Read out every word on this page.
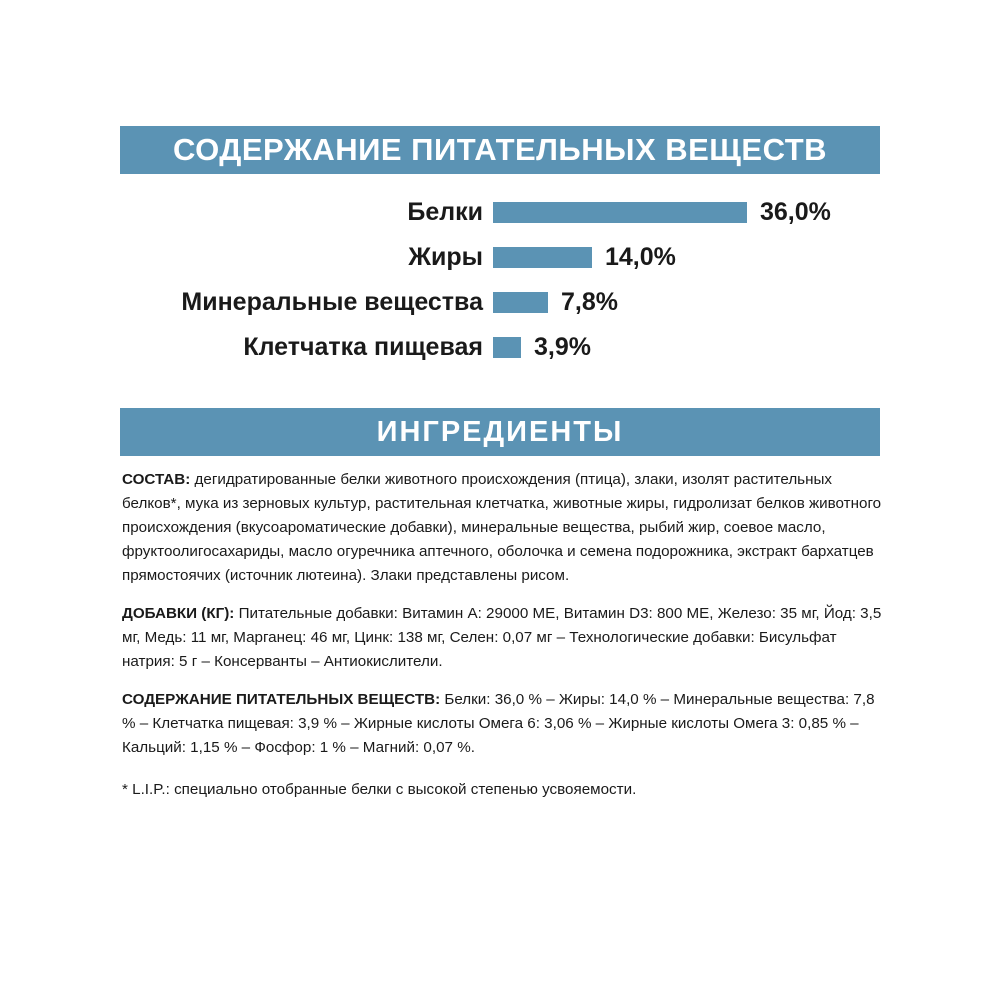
СОДЕРЖАНИЕ ПИТАТЕЛЬНЫХ ВЕЩЕСТВ
Белки	36,0%
Жиры	14,0%
Минеральные вещества	7,8%
Клетчатка пищевая	3,9%
ИНГРЕДИЕНТЫ

СОСТАВ: дегидратированные белки животного происхождения (птица), злаки, изолят растительных белков*, мука из зерновых культур, растительная клетчатка, животные жиры, гидролизат белков животного происхождения (вкусоароматические добавки), минеральные вещества, рыбий жир, соевое масло, фруктоолигосахариды, масло огуречника аптечного, оболочка и семена подорожника, экстракт бархатцев прямостоячих (источник лютеина). Злаки представлены рисом.

ДОБАВКИ (КГ): Питательные добавки: Витамин А: 29000 МЕ, Витамин D3: 800 МЕ, Железо: 35 мг, Йод: 3,5 мг, Медь: 11 мг, Марганец: 46 мг, Цинк: 138 мг, Селен: 0,07 мг – Технологические добавки: Бисульфат натрия: 5 г – Консерванты – Антиокислители.

СОДЕРЖАНИЕ ПИТАТЕЛЬНЫХ ВЕЩЕСТВ: Белки: 36,0 % – Жиры: 14,0 % – Минеральные вещества: 7,8 % – Клетчатка пищевая: 3,9 % – Жирные кислоты Омега 6: 3,06 % – Жирные кислоты Омега 3: 0,85 % – Кальций: 1,15 % – Фосфор: 1 % – Магний: 0,07 %.

* L.I.P.: специально отобранные белки с высокой степенью усвояемости.
